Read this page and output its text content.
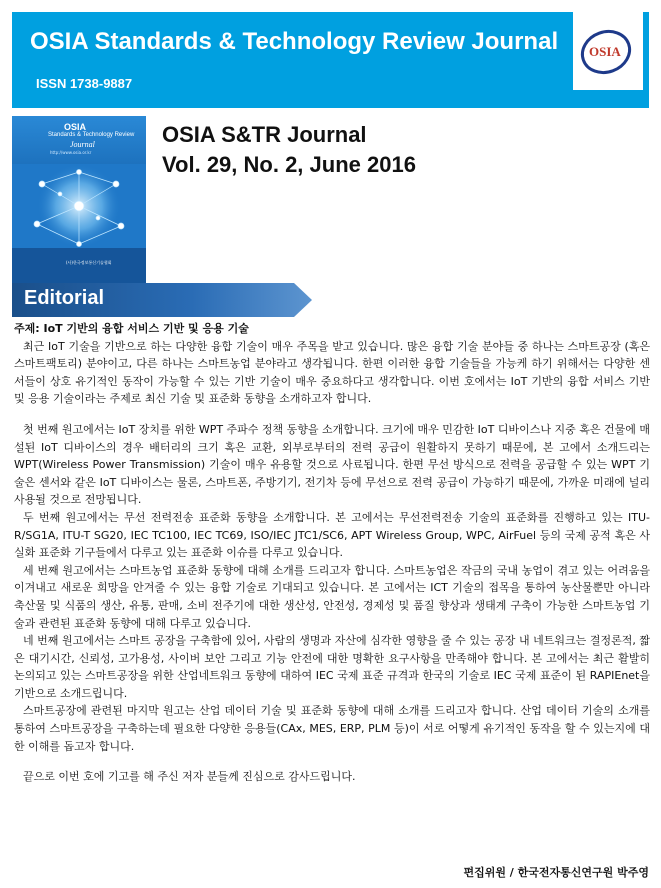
OSIA Standards & Technology Review Journal
ISSN 1738-9887
OSIA
OSIA
Standards & Technology Review
Journal
http://www.osia.or.kr
(사)한국정보통신기술협회
OSIA S&TR Journal
Vol. 29, No. 2, June 2016
Editorial

주제: IoT 기반의 융합 서비스 기반 및 응용 기술

최근 IoT 기술을 기반으로 하는 다양한 융합 기술이 매우 주목을 받고 있습니다. 많은 융합 기술 분야들 중 하나는 스마트공장 (혹은 스마트팩토리) 분야이고, 다른 하나는 스마트농업 분야라고 생각됩니다. 한편 이러한 융합 기술들을 가능케 하기 위해서는 다양한 센서들이 상호 유기적인 동작이 가능할 수 있는 기반 기술이 매우 중요하다고 생각합니다. 이번 호에서는 IoT 기반의 융합 서비스 기반 및 응용 기술이라는 주제로 최신 기술 및 표준화 동향을 소개하고자 합니다.

첫 번째 원고에서는 IoT 장치를 위한 WPT 주파수 정책 동향을 소개합니다. 크기에 매우 민감한 IoT 디바이스나 지중 혹은 건물에 매설된 IoT 디바이스의 경우 배터리의 크기 혹은 교환, 외부로부터의 전력 공급이 원활하지 못하기 때문에, 본 고에서 소개드리는 WPT(Wireless Power Transmission) 기술이 매우 유용할 것으로 사료됩니다. 한편 무선 방식으로 전력을 공급할 수 있는 WPT 기술은 센서와 같은 IoT 디바이스는 물론, 스마트폰, 주방기기, 전기차 등에 무선으로 전력 공급이 가능하기 때문에, 가까운 미래에 널리 사용될 것으로 전망됩니다.

두 번째 원고에서는 무선 전력전송 표준화 동향을 소개합니다. 본 고에서는 무선전력전송 기술의 표준화를 진행하고 있는 ITU-R/SG1A, ITU-T SG20, IEC TC100, IEC TC69, ISO/IEC JTC1/SC6, APT Wireless Group, WPC, AirFuel 등의 국제 공적 혹은 사실화 표준화 기구들에서 다루고 있는 표준화 이슈를 다루고 있습니다.

세 번째 원고에서는 스마트농업 표준화 동향에 대해 소개를 드리고자 합니다. 스마트농업은 작금의 국내 농업이 겪고 있는 어려움을 이겨내고 새로운 희망을 안겨줄 수 있는 융합 기술로 기대되고 있습니다. 본 고에서는 ICT 기술의 접목을 통하여 농산물뿐만 아니라 축산물 및 식품의 생산, 유통, 판매, 소비 전주기에 대한 생산성, 안전성, 경제성 및 품질 향상과 생태계 구축이 가능한 스마트농업 기술과 관련된 표준화 동향에 대해 다루고 있습니다.

네 번째 원고에서는 스마트 공장을 구축함에 있어, 사람의 생명과 자산에 심각한 영향을 줄 수 있는 공장 내 네트워크는 결정론적, 짧은 대기시간, 신뢰성, 고가용성, 사이버 보안 그리고 기능 안전에 대한 명확한 요구사항을 만족해야 합니다. 본 고에서는 최근 활발히 논의되고 있는 스마트공장을 위한 산업네트워크 동향에 대하여 IEC 국제 표준 규격과 한국의 기술로 IEC 국제 표준이 된 RAPIEnet을 기반으로 소개드립니다.

스마트공장에 관련된 마지막 원고는 산업 데이터 기술 및 표준화 동향에 대해 소개를 드리고자 합니다. 산업 데이터 기술의 소개를 통하여 스마트공장을 구축하는데 필요한 다양한 응용들(CAx, MES, ERP, PLM 등)이 서로 어떻게 유기적인 동작을 할 수 있는지에 대한 이해를 돕고자 합니다.

끝으로 이번 호에 기고를 해 주신 저자 분들께 진심으로 감사드립니다.

편집위원 / 한국전자통신연구원 박주영
